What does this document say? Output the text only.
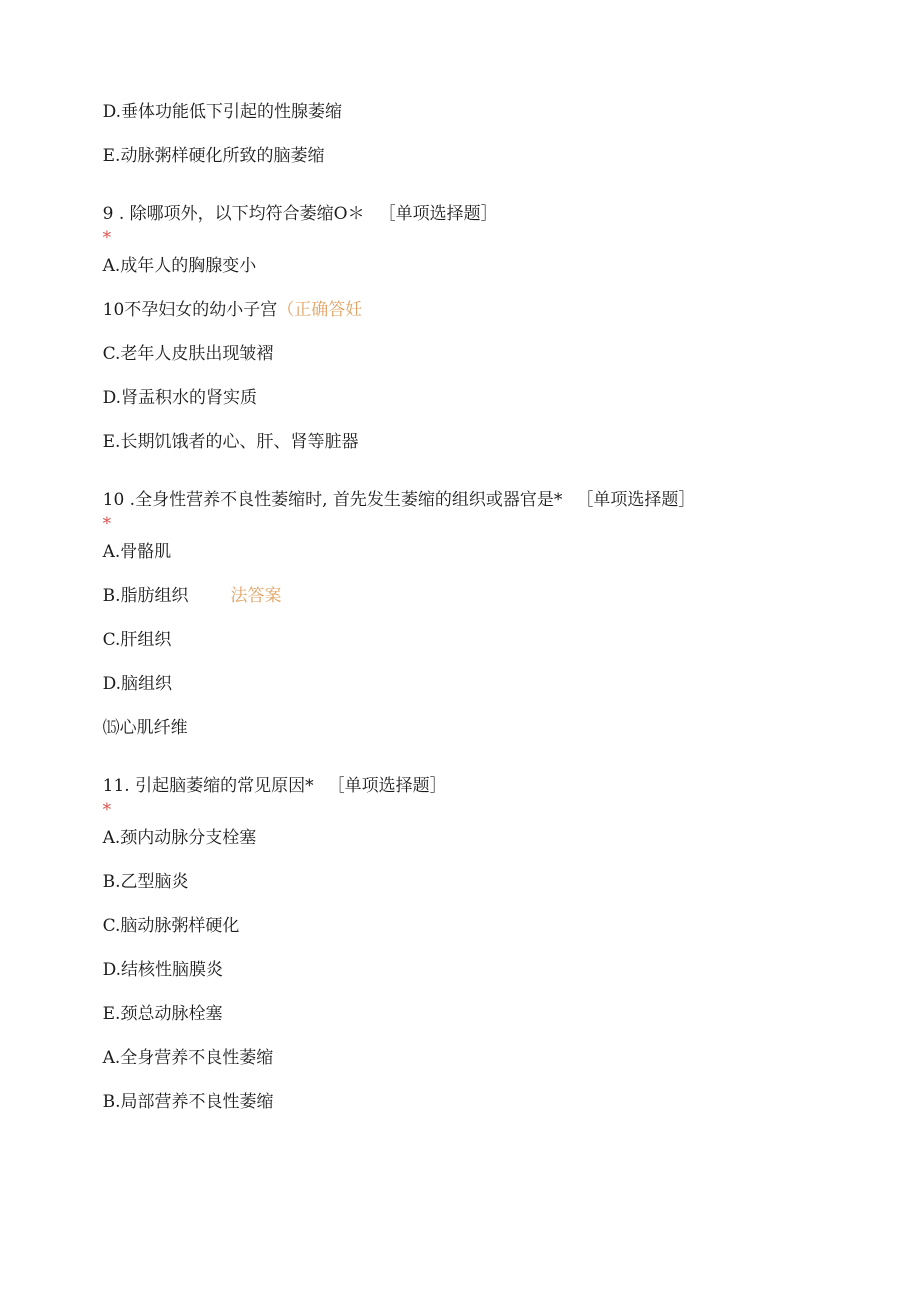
D.垂体功能低下引起的性腺萎缩

E.动脉粥样硬化所致的脑萎缩

9 . 除哪项外，以下均符合萎缩O＊ ［单项选择题］
*

A.成年人的胸腺变小

10不孕妇女的幼小子宫（正确答妊

C.老年人皮肤出现皱褶

D.肾盂积水的肾实质

E.长期饥饿者的心、肝、肾等脏器

10 .全身性营养不良性萎缩时, 首先发生萎缩的组织或器官是* ［单项选择题］
*

A.骨骼肌

B.脂肪组织 法答案

C.肝组织

D.脑组织

⒂心肌纤维

11. 引起脑萎缩的常见原因* ［单项选择题］
*

A.颈内动脉分支栓塞

B.乙型脑炎

C.脑动脉粥样硬化

D.结核性脑膜炎

E.颈总动脉栓塞

A.全身营养不良性萎缩

B.局部营养不良性萎缩
